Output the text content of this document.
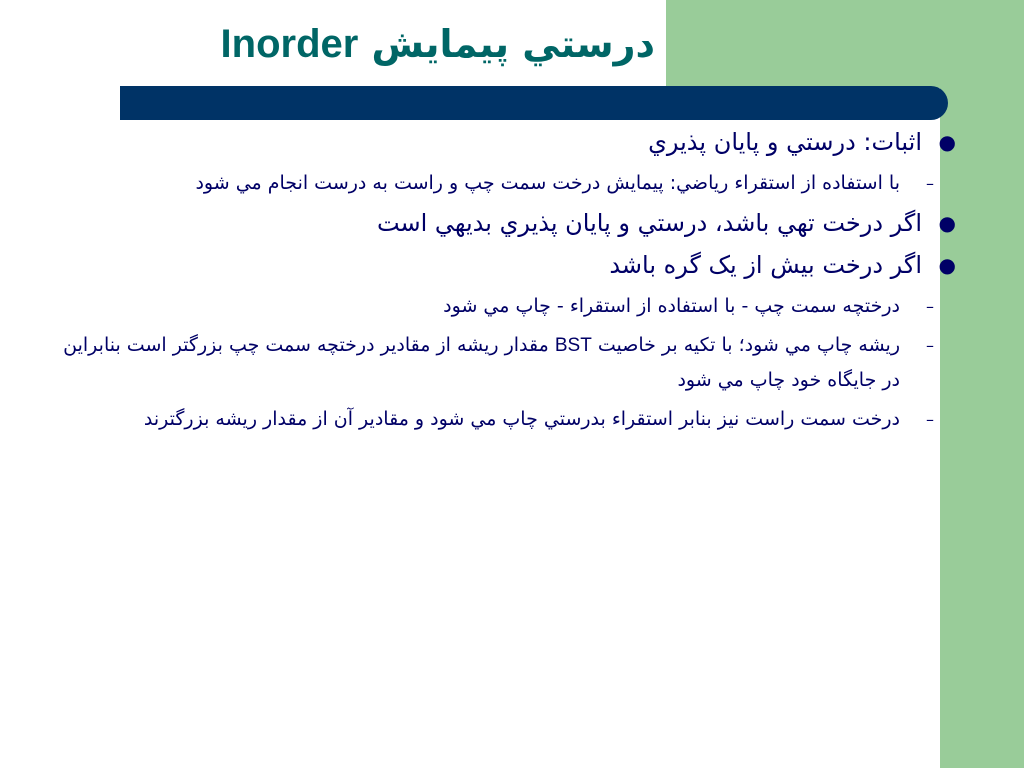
درستي پيمايش Inorder
●
اثبات: درستي و پايان پذيري
–
با استفاده از استقراء رياضي: پيمايش درخت سمت چپ و راست به درست انجام مي شود
●
اگر درخت تهي باشد، درستي و پايان پذيري بديهي است
●
اگر درخت بيش از يک گره باشد
–
درختچه سمت چپ - با استفاده از استقراء - چاپ مي شود
–
ريشه چاپ مي شود؛ با تکيه بر خاصيت BST مقدار ريشه از مقادير درختچه سمت چپ بزرگتر است بنابراين در جايگاه خود چاپ مي شود
–
درخت سمت راست نيز بنابر استقراء بدرستي چاپ مي شود و مقادير آن از مقدار ريشه بزرگترند
